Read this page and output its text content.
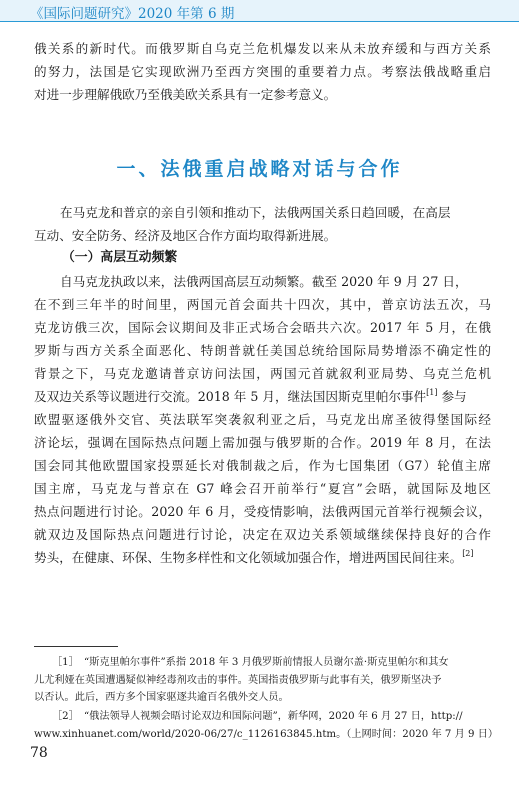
《国际问题研究》2020 年第 6 期
俄关系的新时代。而俄罗斯自乌克兰危机爆发以来从未放弃缓和与西方关系
的努力，法国是它实现欧洲乃至西方突围的重要着力点。考察法俄战略重启
对进一步理解俄欧乃至俄美欧关系具有一定参考意义。
一、法俄重启战略对话与合作
在马克龙和普京的亲自引领和推动下，法俄两国关系日趋回暖，在高层
互动、安全防务、经济及地区合作方面均取得新进展。
（一）高层互动频繁
自马克龙执政以来，法俄两国高层互动频繁。截至 2020 年 9 月 27 日，
在不到三年半的时间里，两国元首会面共十四次，其中，普京访法五次，马
克龙访俄三次，国际会议期间及非正式场合会晤共六次。2017 年 5 月，在俄
罗斯与西方关系全面恶化、特朗普就任美国总统给国际局势增添不确定性的
背景之下，马克龙邀请普京访问法国，两国元首就叙利亚局势、乌克兰危机
及双边关系等议题进行交流。2018 年 5 月，继法国因斯克里帕尔事件[1] 参与
欧盟驱逐俄外交官、英法联军突袭叙利亚之后，马克龙出席圣彼得堡国际经
济论坛，强调在国际热点问题上需加强与俄罗斯的合作。2019 年 8 月，在法
国会同其他欧盟国家投票延长对俄制裁之后，作为七国集团（G7）轮值主席
国主席，马克龙与普京在 G7 峰会召开前举行“夏宫”会晤，就国际及地区
热点问题进行讨论。2020 年 6 月，受疫情影响，法俄两国元首举行视频会议，
就双边及国际热点问题进行讨论，决定在双边关系领域继续保持良好的合作
势头，在健康、环保、生物多样性和文化领域加强合作，增进两国民间往来。[2]
［1］　“斯克里帕尔事件”系指 2018 年 3 月俄罗斯前情报人员谢尔盖·斯克里帕尔和其女
儿尤利娅在英国遭遇疑似神经毒剂攻击的事件。英国指责俄罗斯与此事有关，俄罗斯坚决予
以否认。此后，西方多个国家驱逐共逾百名俄外交人员。
［2］　“俄法领导人视频会晤讨论双边和国际问题”，新华网，2020 年 6 月 27 日，http://
www.xinhuanet.com/world/2020-06/27/c_1126163845.htm。（上网时间：2020 年 7 月 9 日）
78
